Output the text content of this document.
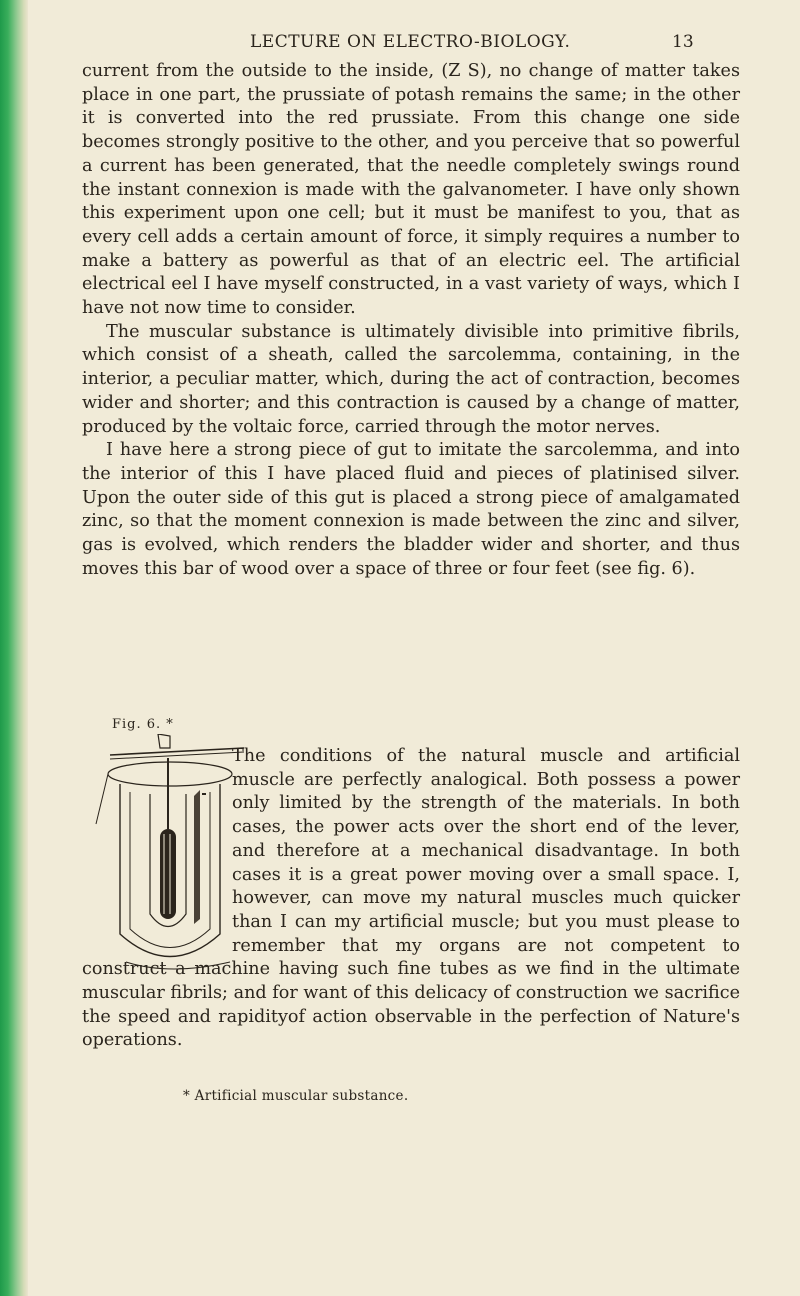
LECTURE ON ELECTRO-BIOLOGY.	13

current from the outside to the inside, (Z S), no change of matter takes place in one part, the prussiate of potash remains the same; in the other it is converted into the red prussiate. From this change one side becomes strongly positive to the other, and you perceive that so powerful a current has been generated, that the needle completely swings round the instant connexion is made with the galvanometer. I have only shown this experiment upon one cell; but it must be manifest to you, that as every cell adds a certain amount of force, it simply requires a number to make a battery as powerful as that of an electric eel. The artificial electrical eel I have myself constructed, in a vast variety of ways, which I have not now time to consider.

The muscular substance is ultimately divisible into primitive fibrils, which consist of a sheath, called the sarcolemma, containing, in the interior, a peculiar matter, which, during the act of contraction, becomes wider and shorter; and this contraction is caused by a change of matter, produced by the voltaic force, carried through the motor nerves.

I have here a strong piece of gut to imitate the sarcolemma, and into the interior of this I have placed fluid and pieces of platinised silver. Upon the outer side of this gut is placed a strong piece of amalgamated zinc, so that the moment connexion is made between the zinc and silver, gas is evolved, which renders the bladder wider and shorter, and thus moves this bar of wood over a space of three or four feet (see fig. 6).

Fig. 6. *

The conditions of the natural muscle and artificial muscle are perfectly analogical. Both possess a power only limited by the strength of the materials. In both cases, the power acts over the short end of the lever, and therefore at a mechanical disadvantage. In both cases it is a great power moving over a small space. I, however, can move my natural muscles much quicker than I can my artificial muscle; but you must please to remember that my organs are not competent to construct a machine having such fine tubes as we find in the ultimate muscular fibrils; and for want of this delicacy of construction we sacrifice the speed and rapidityof action observable in the perfection of Nature's operations.

* Artificial muscular substance.
